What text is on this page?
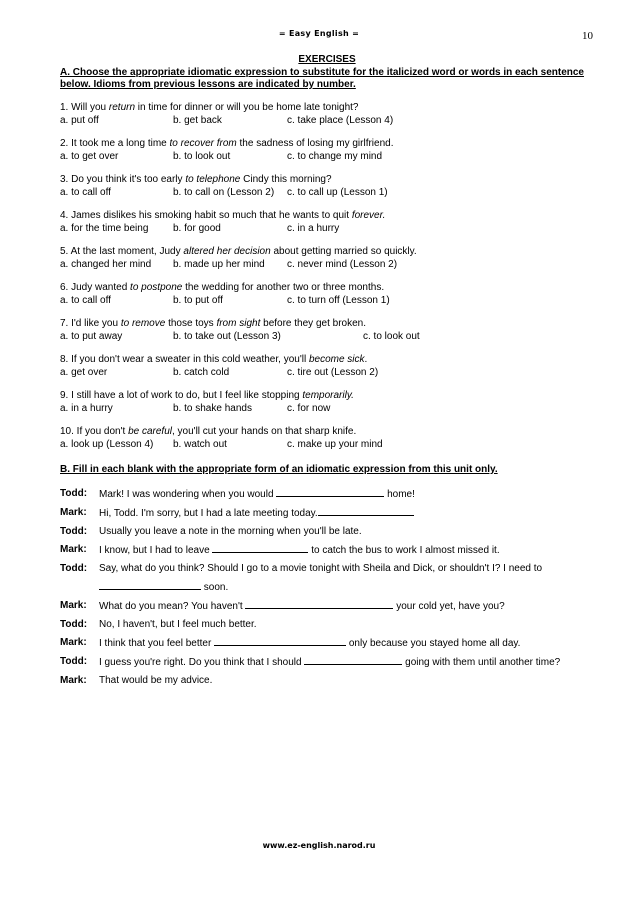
= Easy English =	10
EXERCISES
A. Choose the appropriate idiomatic expression to substitute for the italicized word or words in each sentence below. Idioms from previous lessons are indicated by number.
1. Will you return in time for dinner or will you be home late tonight?
a. put off	b. get back	c. take place (Lesson 4)
2. It took me a long time to recover from the sadness of losing my girlfriend.
a. to get over	b. to look out	c. to change my mind
3. Do you think it's too early to telephone Cindy this morning?
a. to call off	b. to call on (Lesson 2)	c. to call up (Lesson 1)
4. James dislikes his smoking habit so much that he wants to quit forever.
a. for the time being	b. for good	c. in a hurry
5. At the last moment, Judy altered her decision about getting married so quickly.
a. changed her mind	b. made up her mind	c. never mind (Lesson 2)
6. Judy wanted to postpone the wedding for another two or three months.
a. to call off	b. to put off	c. to turn off (Lesson 1)
7. I'd like you to remove those toys from sight before they get broken.
a. to put away	b. to take out (Lesson 3)	c. to look out
8. If you don't wear a sweater in this cold weather, you'll become sick.
a. get over	b. catch cold	c. tire out (Lesson 2)
9. I still have a lot of work to do, but I feel like stopping temporarily.
a. in a hurry	b. to shake hands	c. for now
10. If you don't be careful, you'll cut your hands on that sharp knife.
a. look up (Lesson 4)	b. watch out	c. make up your mind
B. Fill in each blank with the appropriate form of an idiomatic expression from this unit only.
Todd:	Mark! I was wondering when you would	home!
Mark:	Hi, Todd. I'm sorry, but I had a late meeting today.
Todd:	Usually you leave a note in the morning when you'll be late.
Mark:	I know, but I had to leave	to catch the bus to work I almost missed it.
Todd:	Say, what do you think? Should I go to a movie tonight with Sheila and Dick, or shouldn't I? I need to
soon.
Mark:	What do you mean? You haven't	your cold yet, have you?
Todd:	No, I haven't, but I feel much better.
Mark:	I think that you feel better	only because you stayed home all day.
Todd:	I guess you're right. Do you think that I should	going with them until another time?
Mark:	That would be my advice.
www.ez-english.narod.ru
